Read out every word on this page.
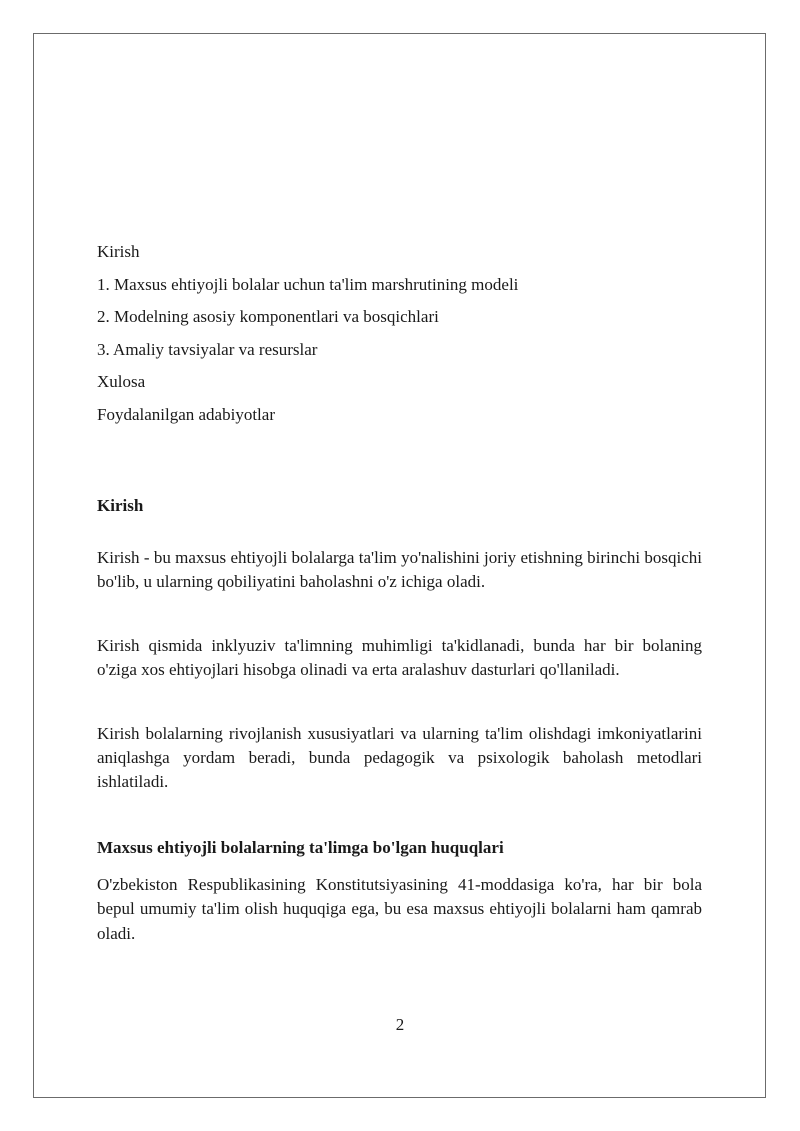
Kirish
1. Maxsus ehtiyojli bolalar uchun ta'lim marshrutining modeli
2. Modelning asosiy komponentlari va bosqichlari
3. Amaliy tavsiyalar va resurslar
Xulosa
Foydalanilgan adabiyotlar
Kirish

Kirish - bu maxsus ehtiyojli bolalarga ta'lim yo'nalishini joriy etishning birinchi bosqichi bo'lib, u ularning qobiliyatini baholashni o'z ichiga oladi.

Kirish qismida inklyuziv ta'limning muhimligi ta'kidlanadi, bunda har bir bolaning o'ziga xos ehtiyojlari hisobga olinadi va erta aralashuv dasturlari qo'llaniladi.

Kirish bolalarning rivojlanish xususiyatlari va ularning ta'lim olishdagi imkoniyatlarini aniqlashga yordam beradi, bunda pedagogik va psixologik baholash metodlari ishlatiladi.

Maxsus ehtiyojli bolalarning ta'limga bo'lgan huquqlari

O'zbekiston Respublikasining Konstitutsiyasining 41-moddasiga ko'ra, har bir bola bepul umumiy ta'lim olish huquqiga ega, bu esa maxsus ehtiyojli bolalarni ham qamrab oladi.

2
